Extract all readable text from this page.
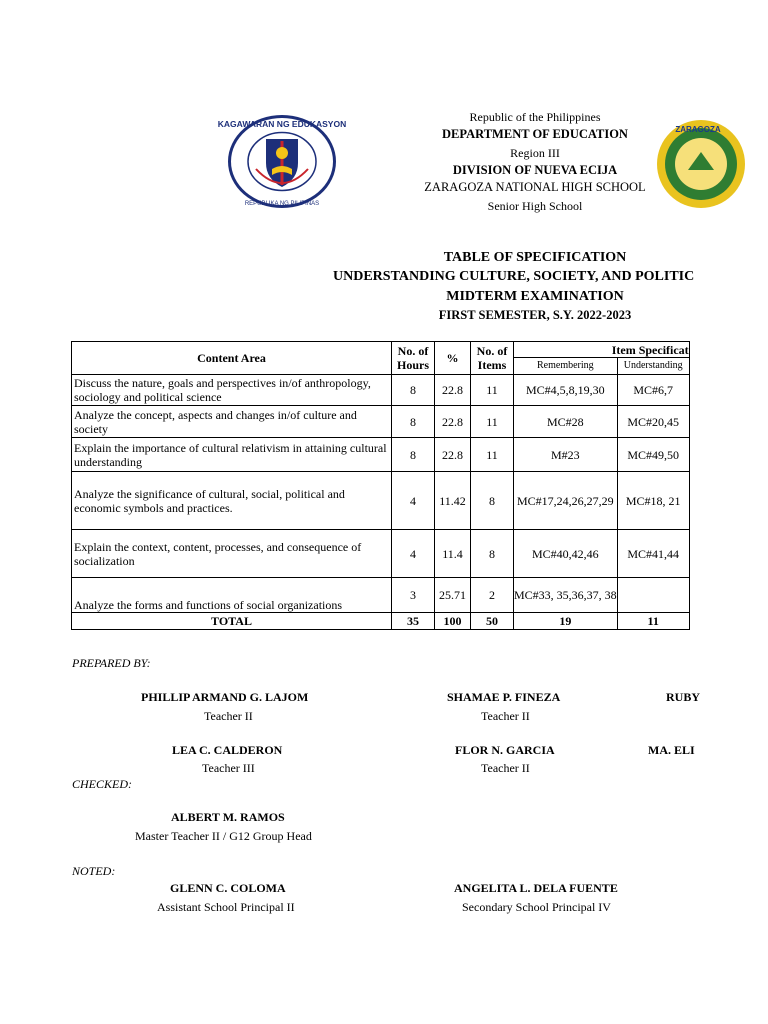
KAGAWARAN NG EDUKASYON
REPUBLIKA NG PILIPINAS
ZARAGOZA
Republic of the Philippines
DEPARTMENT OF EDUCATION
Region III
DIVISION OF NUEVA ECIJA
ZARAGOZA NATIONAL HIGH SCHOOL
Senior High School
TABLE OF SPECIFICATION
UNDERSTANDING CULTURE, SOCIETY, AND POLITIC
MIDTERM EXAMINATION
FIRST SEMESTER, S.Y. 2022-2023
Content Area	No. of Hours	%	No. of Items	Item Specificat	
				Remembering	Understanding
Discuss the nature, goals and perspectives in/of anthropology, sociology and political science	8	22.8	11	MC#4,5,8,19,30	MC#6,7
Analyze the concept, aspects and changes in/of culture and society	8	22.8	11	MC#28	MC#20,45
Explain the importance of cultural relativism in attaining cultural understanding	8	22.8	11	M#23	MC#49,50
Analyze the significance of cultural, social, political and economic symbols and practices.	4	11.42	8	MC#17,24,26,27,29	MC#18, 21
Explain the context, content, processes, and consequence of socialization	4	11.4	8	MC#40,42,46	MC#41,44
Analyze the forms and functions of social organizations	3	25.71	2	MC#33, 35,36,37, 38	
TOTAL	35	100	50	19	11
PREPARED BY:
PHILLIP ARMAND G. LAJOM
Teacher II
SHAMAE P. FINEZA
Teacher II
RUBY
LEA C. CALDERON
Teacher III
FLOR N. GARCIA
Teacher II
MA. ELI
CHECKED:
ALBERT M. RAMOS
Master Teacher II / G12 Group Head
NOTED:
GLENN C. COLOMA
Assistant School Principal II
ANGELITA L. DELA FUENTE
Secondary School Principal IV
